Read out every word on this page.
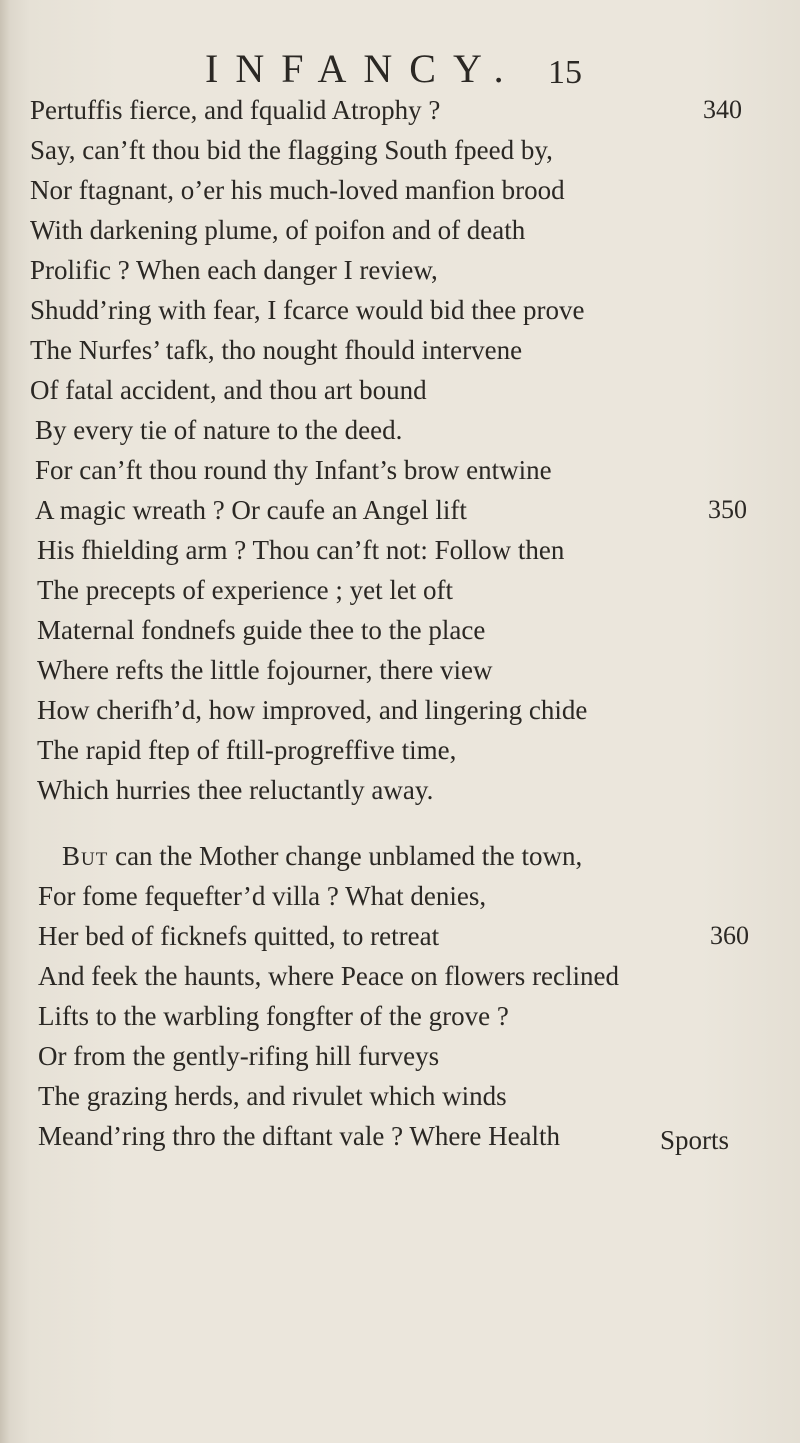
INFANCY. 15
Pertuffis fierce, and fqualid Atrophy ?	340
Say, can’ft thou bid the flagging South fpeed by,
Nor ftagnant, o’er his much-loved manfion brood
With darkening plume, of poifon and of death
Prolific ? When each danger I review,
Shudd’ring with fear, I fcarce would bid thee prove
The Nurfes’ tafk, tho nought fhould intervene
Of fatal accident, and thou art bound
By every tie of nature to the deed.
For can’ft thou round thy Infant’s brow entwine
A magic wreath ? Or caufe an Angel lift	350
His fhielding arm ? Thou can’ft not: Follow then
The precepts of experience ; yet let oft
Maternal fondnefs guide thee to the place
Where refts the little fojourner, there view
How cherifh’d, how improved, and lingering chide
The rapid ftep of ftill-progreffive time,
Which hurries thee reluctantly away.
But can the Mother change unblamed the town,
For fome fequefter’d villa ? What denies,
Her bed of ficknefs quitted, to retreat	360
And feek the haunts, where Peace on flowers reclined
Lifts to the warbling fongfter of the grove ?
Or from the gently-rifing hill furveys
The grazing herds, and rivulet which winds
Meand’ring thro the diftant vale ? Where Health	Sports
